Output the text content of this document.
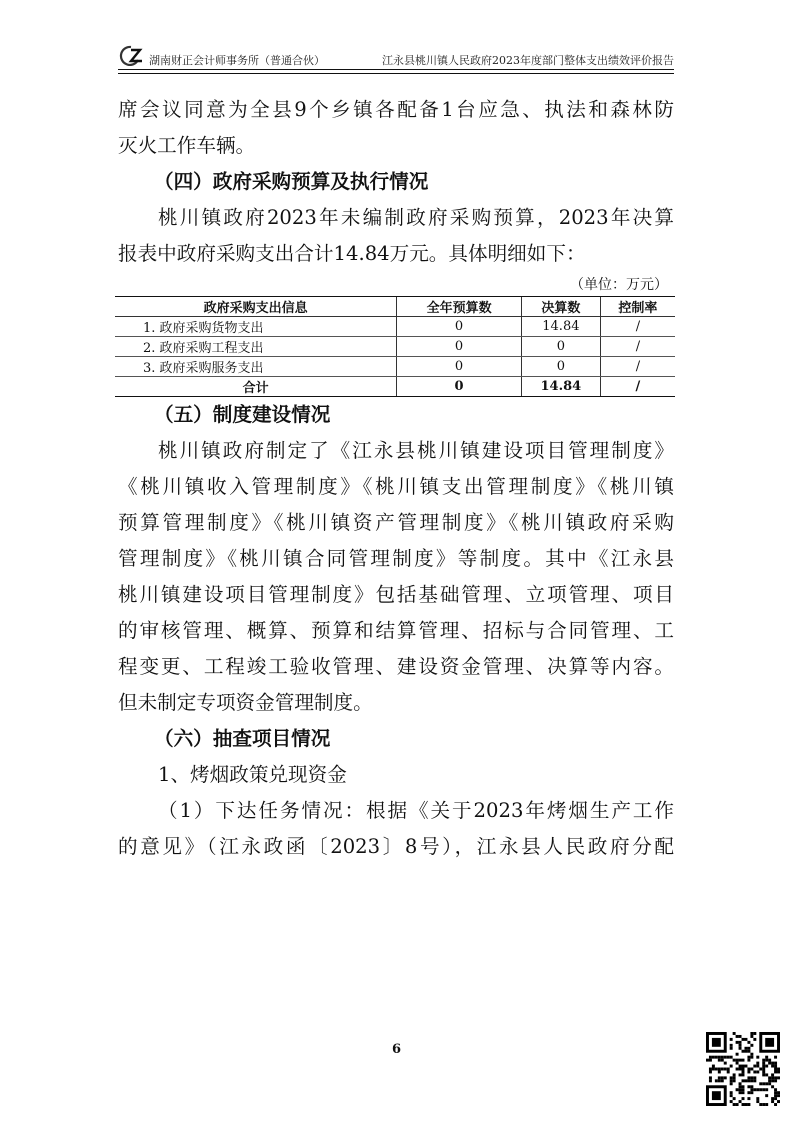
湖南财正会计师事务所（普通合伙）	江永县桃川镇人民政府2023年度部门整体支出绩效评价报告
席会议同意为全县9个乡镇各配备1台应急、执法和森林防
灭火工作车辆。
（四）政府采购预算及执行情况
桃川镇政府2023年未编制政府采购预算，2023年决算
报表中政府采购支出合计14.84万元。具体明细如下：
（单位：万元）
政府采购支出信息	全年预算数	决算数	控制率
1. 政府采购货物支出	0	14.84	/
2. 政府采购工程支出	0	0	/
3. 政府采购服务支出	0	0	/
合计	0	14.84	/
（五）制度建设情况
桃川镇政府制定了《江永县桃川镇建设项目管理制度》
《桃川镇收入管理制度》《桃川镇支出管理制度》《桃川镇
预算管理制度》《桃川镇资产管理制度》《桃川镇政府采购
管理制度》《桃川镇合同管理制度》等制度。其中《江永县
桃川镇建设项目管理制度》包括基础管理、立项管理、项目
的审核管理、概算、预算和结算管理、招标与合同管理、工
程变更、工程竣工验收管理、建设资金管理、决算等内容。
但未制定专项资金管理制度。
（六）抽查项目情况
1、烤烟政策兑现资金
（1）下达任务情况：根据《关于2023年烤烟生产工作
的意见》（江永政函〔2023〕8号），江永县人民政府分配
6
